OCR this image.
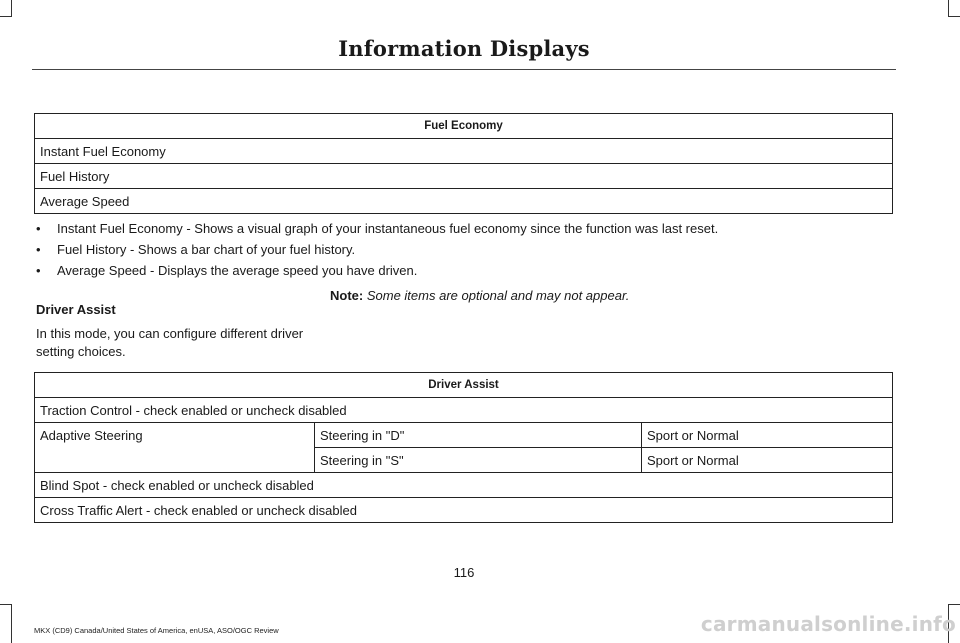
Information Displays
Fuel Economy
Instant Fuel Economy
Fuel History
Average Speed
• Instant Fuel Economy - Shows a visual graph of your instantaneous fuel economy since the function was last reset.
• Fuel History - Shows a bar chart of your fuel history.
• Average Speed - Displays the average speed you have driven.
Driver Assist
In this mode, you can configure different driver setting choices.
Note: Some items are optional and may not appear.
Driver Assist		
Traction Control - check enabled or uncheck disabled		
Adaptive Steering	Steering in "D"	Sport or Normal
	Steering in "S"	Sport or Normal
Blind Spot - check enabled or uncheck disabled		
Cross Traffic Alert - check enabled or uncheck disabled		
116
MKX (CD9) Canada/United States of America, enUSA, ASO/OGC Review	carmanualsonline.info
